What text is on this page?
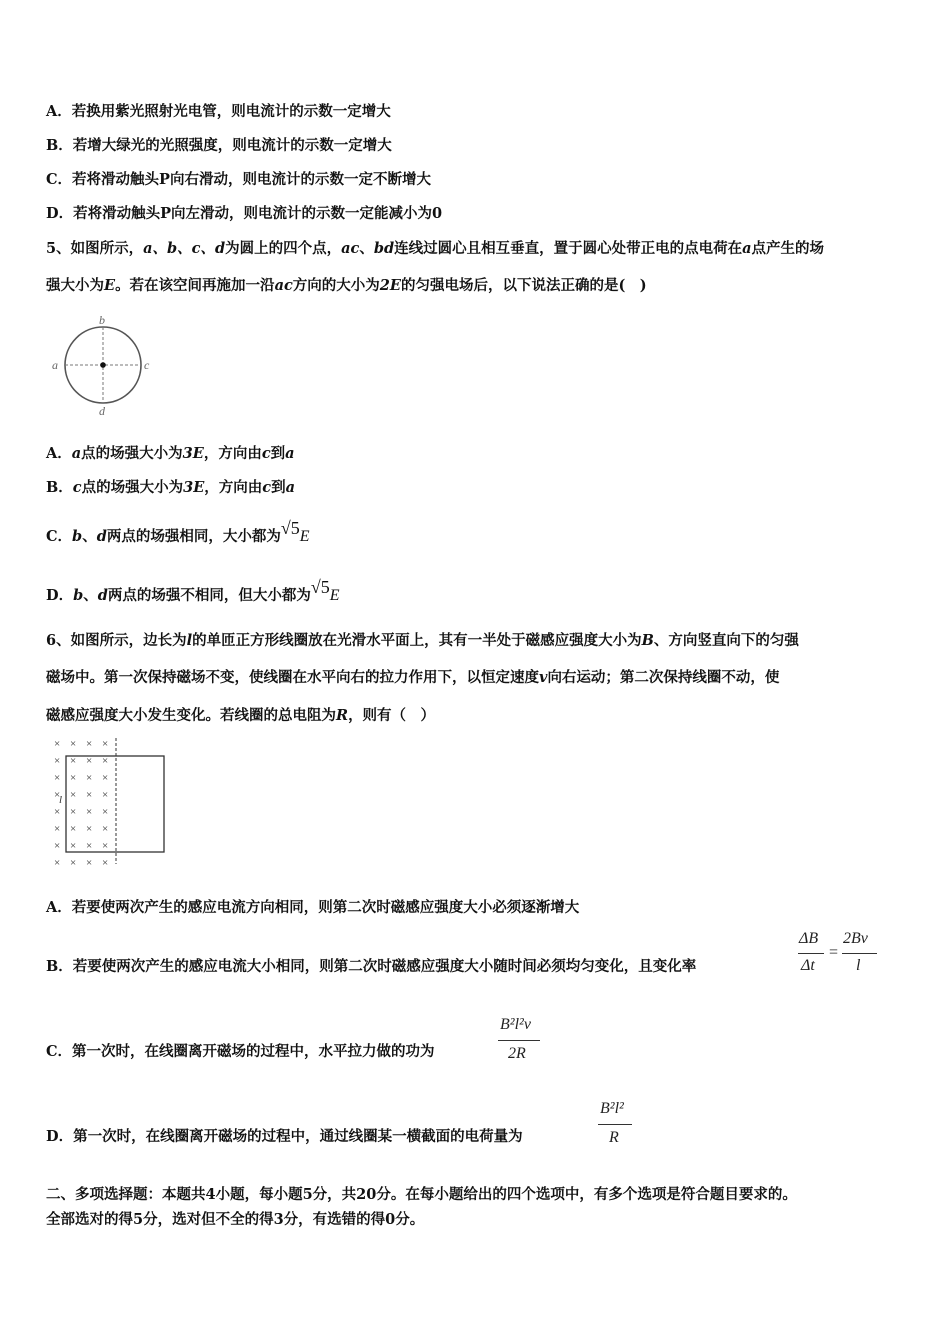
A．若换用紫光照射光电管，则电流计的示数一定增大
B．若增大绿光的光照强度，则电流计的示数一定增大
C．若将滑动触头P向右滑动，则电流计的示数一定不断增大
D．若将滑动触头P向左滑动，则电流计的示数一定能减小为0
5、如图所示，a、b、c、d为圆上的四个点，ac、bd连线过圆心且相互垂直，置于圆心处带正电的点电荷在a点产生的场
强大小为E。若在该空间再施加一沿ac方向的大小为2E的匀强电场后，以下说法正确的是(　)
a
b
c
d
A．a点的场强大小为3E，方向由c到a
B．c点的场强大小为3E，方向由c到a
C．b、d两点的场强相同，大小都为√5E
D．b、d两点的场强不相同，但大小都为√5E
6、如图所示，边长为l的单匝正方形线圈放在光滑水平面上，其有一半处于磁感应强度大小为B、方向竖直向下的匀强
磁场中。第一次保持磁场不变，使线圈在水平向右的拉力作用下，以恒定速度v向右运动；第二次保持线圈不动，使
磁感应强度大小发生变化。若线圈的总电阻为R，则有（　）
× × × ×
× × × ×
× × × ×
× × × ×
× × × ×
× × × ×
× × × ×
× × × ×
l
A．若要使两次产生的感应电流方向相同，则第二次时磁感应强度大小必须逐渐增大
B．若要使两次产生的感应电流大小相同，则第二次时磁感应强度大小随时间必须均匀变化，且变化率
ΔB
Δt
=
2Bv
l
C．第一次时，在线圈离开磁场的过程中，水平拉力做的功为
B²l²v
2R
D．第一次时，在线圈离开磁场的过程中，通过线圈某一横截面的电荷量为
B²l²
R
二、多项选择题：本题共4小题，每小题5分，共20分。在每小题给出的四个选项中，有多个选项是符合题目要求的。
全部选对的得5分，选对但不全的得3分，有选错的得0分。
